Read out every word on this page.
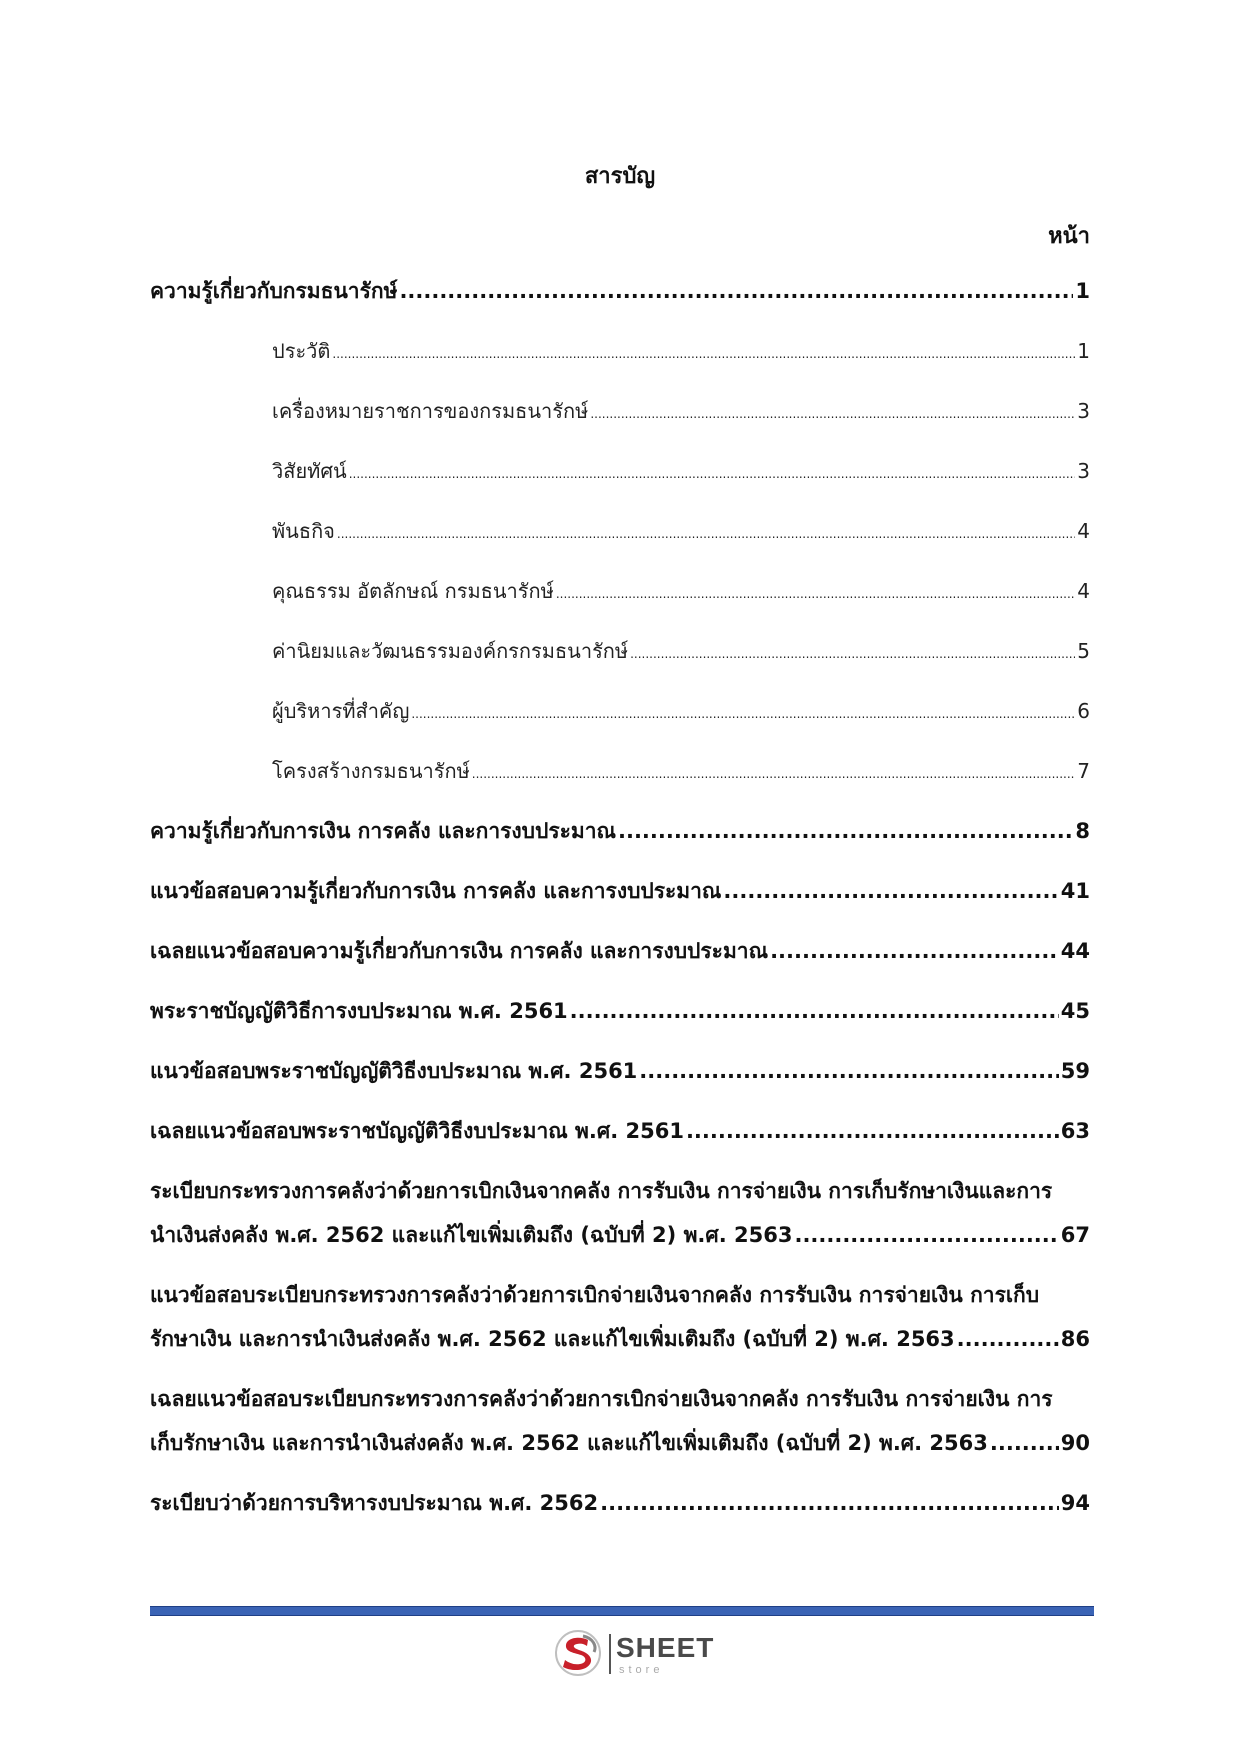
สารบัญ
หน้า
ความรู้เกี่ยวกับกรมธนารักษ์ .....	1
ประวัติ .....	1
เครื่องหมายราชการของกรมธนารักษ์ .....	3
วิสัยทัศน์ .....	3
พันธกิจ .....	4
คุณธรรม อัตลักษณ์ กรมธนารักษ์ .....	4
ค่านิยมและวัฒนธรรมองค์กรกรมธนารักษ์ .....	5
ผู้บริหารที่สำคัญ .....	6
โครงสร้างกรมธนารักษ์ .....	7
ความรู้เกี่ยวกับการเงิน การคลัง และการงบประมาณ .....	8
แนวข้อสอบความรู้เกี่ยวกับการเงิน การคลัง และการงบประมาณ .....	41
เฉลยแนวข้อสอบความรู้เกี่ยวกับการเงิน การคลัง และการงบประมาณ .....	44
พระราชบัญญัติวิธีการงบประมาณ พ.ศ. 2561 .....	45
แนวข้อสอบพระราชบัญญัติวิธีงบประมาณ พ.ศ. 2561 .....	59
เฉลยแนวข้อสอบพระราชบัญญัติวิธีงบประมาณ พ.ศ. 2561 .....	63
ระเบียบกระทรวงการคลังว่าด้วยการเบิกเงินจากคลัง การรับเงิน การจ่ายเงิน การเก็บรักษาเงินและการ
นำเงินส่งคลัง พ.ศ. 2562 และแก้ไขเพิ่มเติมถึง (ฉบับที่ 2) พ.ศ. 2563 .....	67
แนวข้อสอบระเบียบกระทรวงการคลังว่าด้วยการเบิกจ่ายเงินจากคลัง การรับเงิน การจ่ายเงิน การเก็บ
รักษาเงิน และการนำเงินส่งคลัง พ.ศ. 2562 และแก้ไขเพิ่มเติมถึง (ฉบับที่ 2) พ.ศ. 2563 .....	86
เฉลยแนวข้อสอบระเบียบกระทรวงการคลังว่าด้วยการเบิกจ่ายเงินจากคลัง การรับเงิน การจ่ายเงิน การ
เก็บรักษาเงิน และการนำเงินส่งคลัง พ.ศ. 2562 และแก้ไขเพิ่มเติมถึง (ฉบับที่ 2) พ.ศ. 2563 .....	90
ระเบียบว่าด้วยการบริหารงบประมาณ พ.ศ. 2562 .....	94
SHEET
store
